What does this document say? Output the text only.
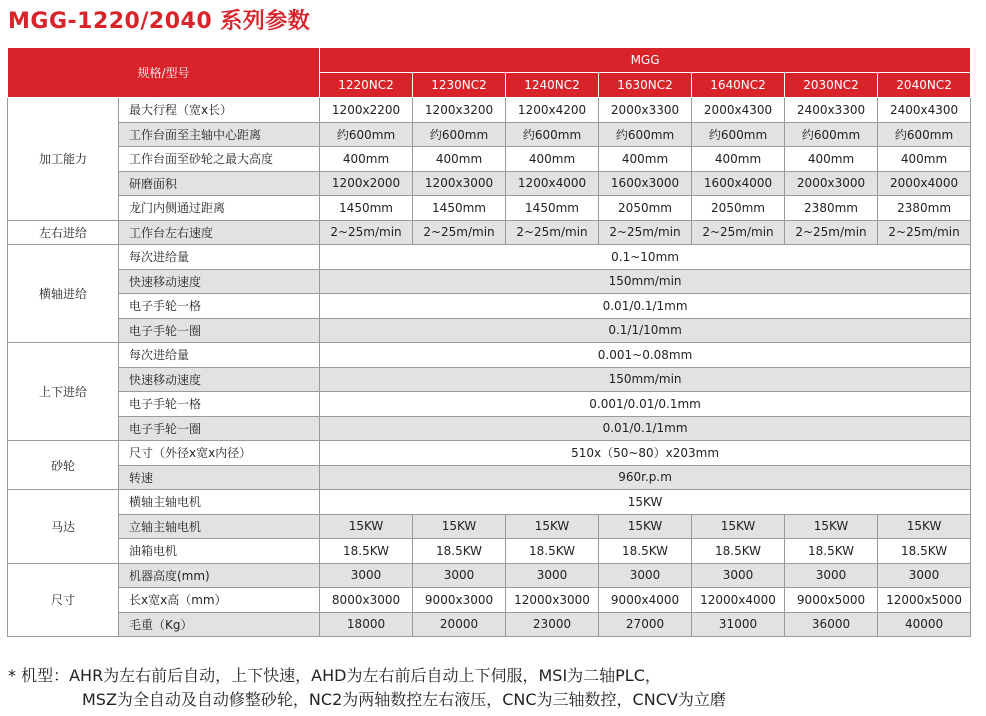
MGG-1220/2040 系列参数
规格/型号		MGG						
		1220NC2	1230NC2	1240NC2	1630NC2	1640NC2	2030NC2	2040NC2
加工能力	最大行程（宽x长）	1200x2200	1200x3200	1200x4200	2000x3300	2000x4300	2400x3300	2400x4300
	工作台面至主轴中心距离	约600mm	约600mm	约600mm	约600mm	约600mm	约600mm	约600mm
	工作台面至砂轮之最大高度	400mm	400mm	400mm	400mm	400mm	400mm	400mm
	研磨面积	1200x2000	1200x3000	1200x4000	1600x3000	1600x4000	2000x3000	2000x4000
	龙门内侧通过距离	1450mm	1450mm	1450mm	2050mm	2050mm	2380mm	2380mm
左右进给	工作台左右速度	2~25m/min	2~25m/min	2~25m/min	2~25m/min	2~25m/min	2~25m/min	2~25m/min
横轴进给	每次进给量	0.1~10mm						
	快速移动速度	150mm/min						
	电子手轮一格	0.01/0.1/1mm						
	电子手轮一圈	0.1/1/10mm						
上下进给	每次进给量	0.001~0.08mm						
	快速移动速度	150mm/min						
	电子手轮一格	0.001/0.01/0.1mm						
	电子手轮一圈	0.01/0.1/1mm						
砂轮	尺寸（外径x宽x内径）	510x（50~80）x203mm						
	转速	960r.p.m						
马达	横轴主轴电机	15KW						
	立轴主轴电机	15KW	15KW	15KW	15KW	15KW	15KW	15KW
	油箱电机	18.5KW	18.5KW	18.5KW	18.5KW	18.5KW	18.5KW	18.5KW
尺寸	机器高度(mm)	3000	3000	3000	3000	3000	3000	3000
	长x宽x高（mm）	8000x3000	9000x3000	12000x3000	9000x4000	12000x4000	9000x5000	12000x5000
	毛重（Kg）	18000	20000	23000	27000	31000	36000	40000
* 机型：AHR为左右前后自动，上下快速，AHD为左右前后自动上下伺服，MSI为二轴PLC，
MSZ为全自动及自动修整砂轮，NC2为两轴数控左右液压，CNC为三轴数控，CNCV为立磨
